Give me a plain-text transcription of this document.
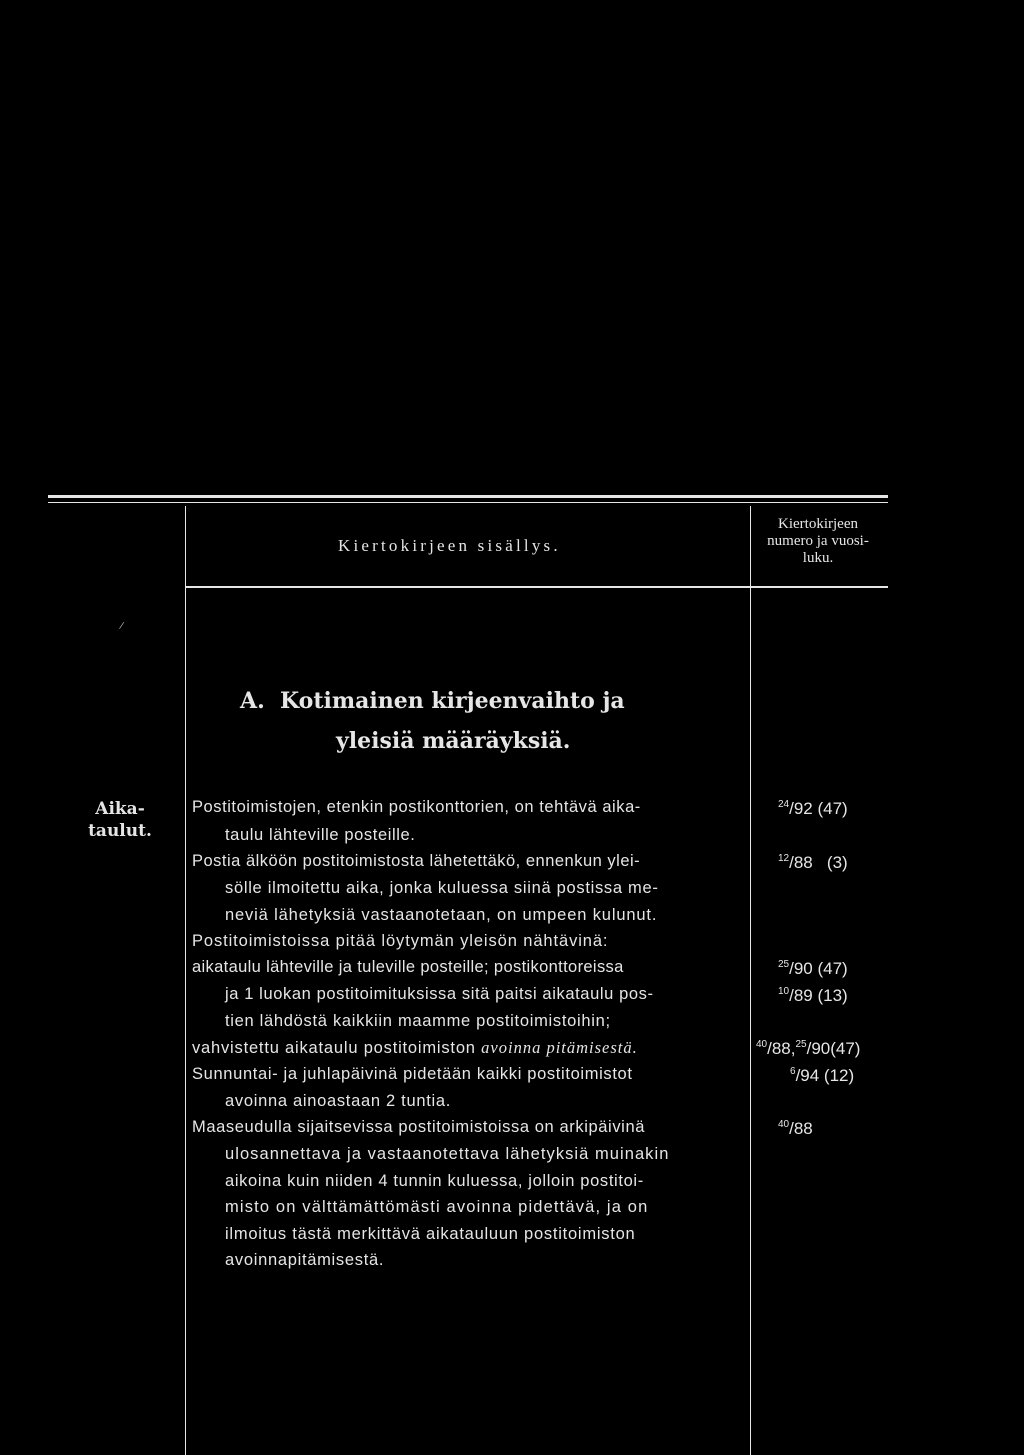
Kiertokirjeen sisällys.
Kiertokirjeen
numero ja vuosi-
luku.
/
A.  Kotimainen kirjeenvaihto ja
yleisiä määräyksiä.
Aika-
taulut.
Postitoimistojen, etenkin postikonttorien, on tehtävä aika-
taulu lähteville posteille.
Postia älköön postitoimistosta lähetettäkö, ennenkun ylei-
sölle ilmoitettu aika, jonka kuluessa siinä postissa me-
neviä lähetyksiä vastaanotetaan, on umpeen kulunut.
Postitoimistoissa pitää löytymän yleisön nähtävinä:
aikataulu lähteville ja tuleville posteille; postikonttoreissa
ja 1 luokan postitoimituksissa sitä paitsi aikataulu pos-
tien lähdöstä kaikkiin maamme postitoimistoihin;
vahvistettu aikataulu postitoimiston avoinna pitämisestä.
Sunnuntai- ja juhlapäivinä pidetään kaikki postitoimistot
avoinna ainoastaan 2 tuntia.
Maaseudulla sijaitsevissa postitoimistoissa on arkipäivinä
ulosannettava ja vastaanotettava lähetyksiä muinakin
aikoina kuin niiden 4 tunnin kuluessa, jolloin postitoi-
misto on välttämättömästi avoinna pidettävä, ja on
ilmoitus tästä merkittävä aikatauluun postitoimiston
avoinnapitämisestä.
$^{24}$/92 (47)
$^{12}$/88   (3)
$^{25}$/90 (47)
$^{10}$/89 (13)
$^{40}$/88,25/90(47)
$^6$/94 (12)
$^{40}$/88
